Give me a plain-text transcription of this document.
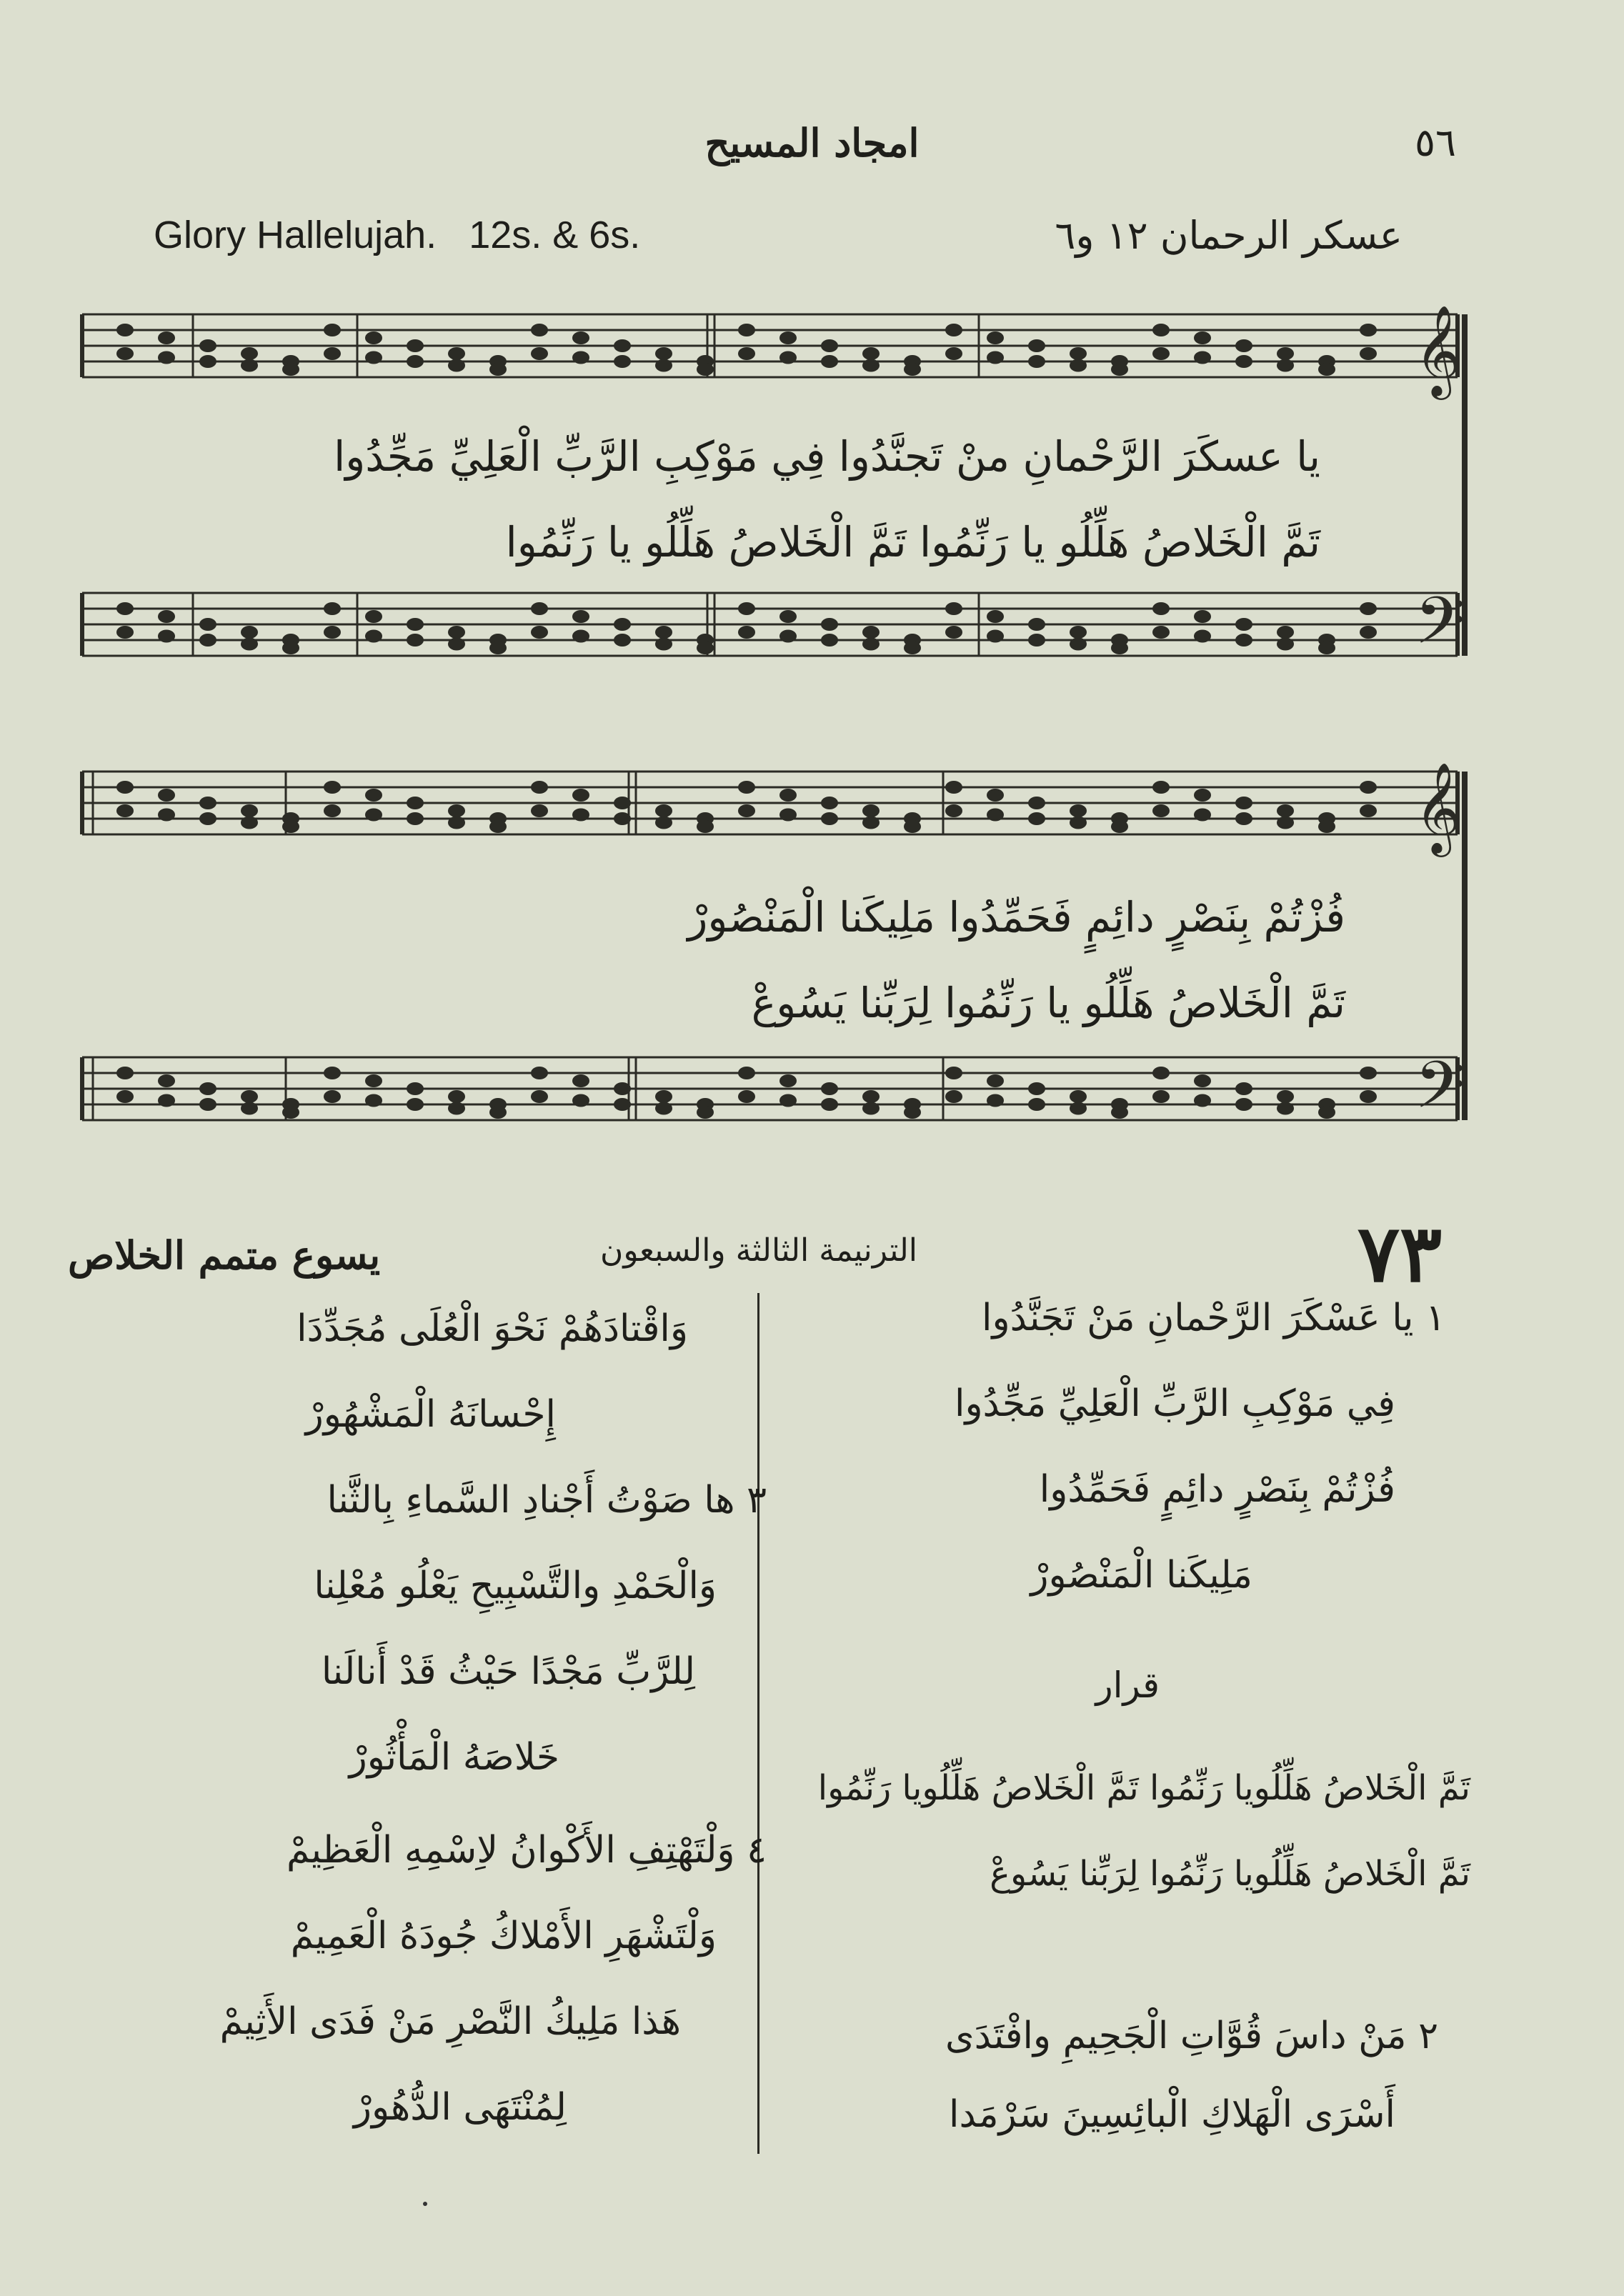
امجاد المسيح	٥٦
Glory Hallelujah. 12s. & 6s.	عسكر الرحمان ١٢ و٦
𝄞
𝄢
𝄞
𝄢
يا عسكَرَ الرَّحْمانِ منْ تَجنَّدُوا فِي مَوْكِبِ الرَّبِّ الْعَلِيِّ مَجِّدُوا
تَمَّ الْخَلاصُ هَلِّلُو يا رَنِّمُوا تَمَّ الْخَلاصُ هَلِّلُو يا رَنِّمُوا
فُزْتُمْ بِنَصْرٍ دائِمٍ فَحَمِّدُوا مَلِيكَنا الْمَنْصُورْ
تَمَّ الْخَلاصُ هَلِّلُو يا رَنِّمُوا لِرَبِّنا يَسُوعْ
٧٣
الترنيمة الثالثة والسبعون
يسوع متمم الخلاص
١ يا عَسْكَرَ الرَّحْمانِ مَنْ تَجَنَّدُوا
فِي مَوْكِبِ الرَّبِّ الْعَلِيِّ مَجِّدُوا
فُزْتُمْ بِنَصْرٍ دائِمٍ فَحَمِّدُوا
مَلِيكَنا الْمَنْصُورْ
قرار
تَمَّ الْخَلاصُ هَلِّلُويا رَنِّمُوا تَمَّ الْخَلاصُ هَلِّلُويا رَنِّمُوا
تَمَّ الْخَلاصُ هَلِّلُويا رَنِّمُوا لِرَبِّنا يَسُوعْ
٢ مَنْ داسَ قُوَّاتِ الْجَحِيمِ وافْتَدَى
أَسْرَى الْهَلاكِ الْبائِسِينَ سَرْمَدا
وَاقْتادَهُمْ نَحْوَ الْعُلَى مُجَدِّدَا
إِحْسانَهُ الْمَشْهُورْ
٣ ها صَوْتُ أَجْنادِ السَّماءِ بِالثَّنا
وَالْحَمْدِ والتَّسْبِيحِ يَعْلُو مُعْلِنا
لِلرَّبِّ مَجْدًا حَيْثُ قَدْ أَنالَنا
خَلاصَهُ الْمَأْثُورْ
٤ وَلْتَهْتِفِ الأَكْوانُ لاِسْمِهِ الْعَظِيمْ
وَلْتَشْهَرِ الأَمْلاكُ جُودَهُ الْعَمِيمْ
هَذا مَلِيكُ النَّصْرِ مَنْ فَدَى الأَثِيمْ
لِمُنْتَهَى الدُّهُورْ
